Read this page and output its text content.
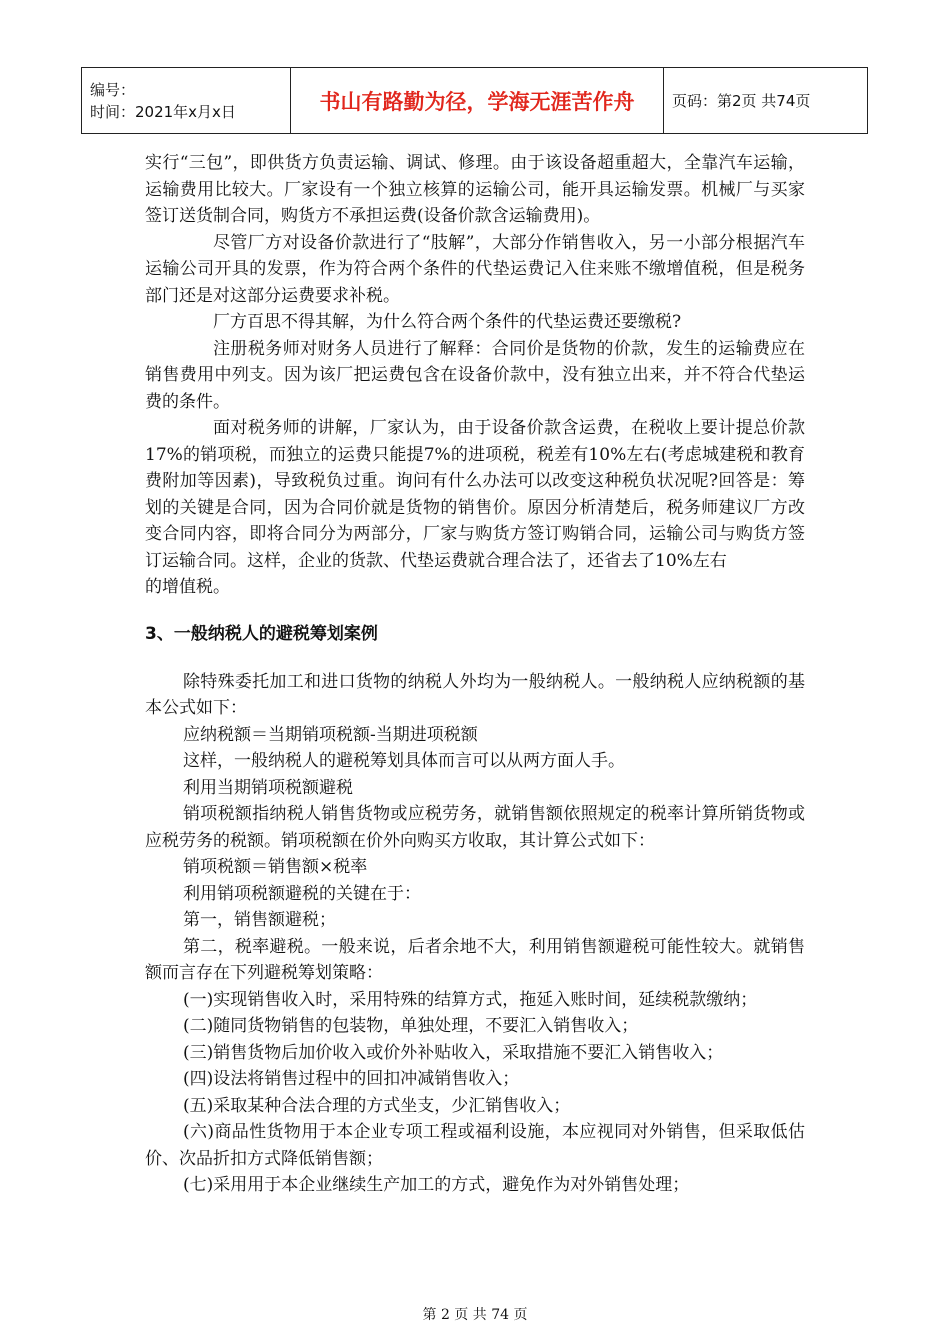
编号：
时间：2021年x月x日	书山有路勤为径，学海无涯苦作舟	页码：第2页 共74页

实行“三包”，即供货方负责运输、调试、修理。由于该设备超重超大，全靠汽车运输，运输费用比较大。厂家设有一个独立核算的运输公司，能开具运输发票。机械厂与买家签订送货制合同，购货方不承担运费(设备价款含运输费用)。

尽管厂方对设备价款进行了“肢解”，大部分作销售收入，另一小部分根据汽车运输公司开具的发票，作为符合两个条件的代垫运费记入住来账不缴增值税，但是税务部门还是对这部分运费要求补税。

厂方百思不得其解，为什么符合两个条件的代垫运费还要缴税?

注册税务师对财务人员进行了解释：合同价是货物的价款，发生的运输费应在销售费用中列支。因为该厂把运费包含在设备价款中，没有独立出来，并不符合代垫运费的条件。

面对税务师的讲解，厂家认为，由于设备价款含运费，在税收上要计提总价款17%的销项税，而独立的运费只能提7%的进项税，税差有10%左右(考虑城建税和教育费附加等因素)，导致税负过重。询问有什么办法可以改变这种税负状况呢?回答是：筹划的关键是合同，因为合同价就是货物的销售价。原因分析清楚后，税务师建议厂方改变合同内容，即将合同分为两部分，厂家与购货方签订购销合同，运输公司与购货方签订运输合同。这样，企业的货款、代垫运费就合理合法了，还省去了10%左右

的增值税。

3、一般纳税人的避税筹划案例

除特殊委托加工和进口货物的纳税人外均为一般纳税人。一般纳税人应纳税额的基本公式如下：

应纳税额＝当期销项税额-当期进项税额

这样，一般纳税人的避税筹划具体而言可以从两方面人手。

利用当期销项税额避税

销项税额指纳税人销售货物或应税劳务，就销售额依照规定的税率计算所销货物或应税劳务的税额。销项税额在价外向购买方收取，其计算公式如下：

销项税额＝销售额×税率

利用销项税额避税的关键在于：

第一，销售额避税；

第二，税率避税。一般来说，后者余地不大，利用销售额避税可能性较大。就销售额而言存在下列避税筹划策略：

(一)实现销售收入时，采用特殊的结算方式，拖延入账时间，延续税款缴纳；

(二)随同货物销售的包装物，单独处理，不要汇入销售收入；

(三)销售货物后加价收入或价外补贴收入，采取措施不要汇入销售收入；

(四)设法将销售过程中的回扣冲减销售收入；

(五)采取某种合法合理的方式坐支，少汇销售收入；

(六)商品性货物用于本企业专项工程或福利设施，本应视同对外销售，但采取低估价、次品折扣方式降低销售额；

(七)采用用于本企业继续生产加工的方式，避免作为对外销售处理；

第 2 页 共 74 页
